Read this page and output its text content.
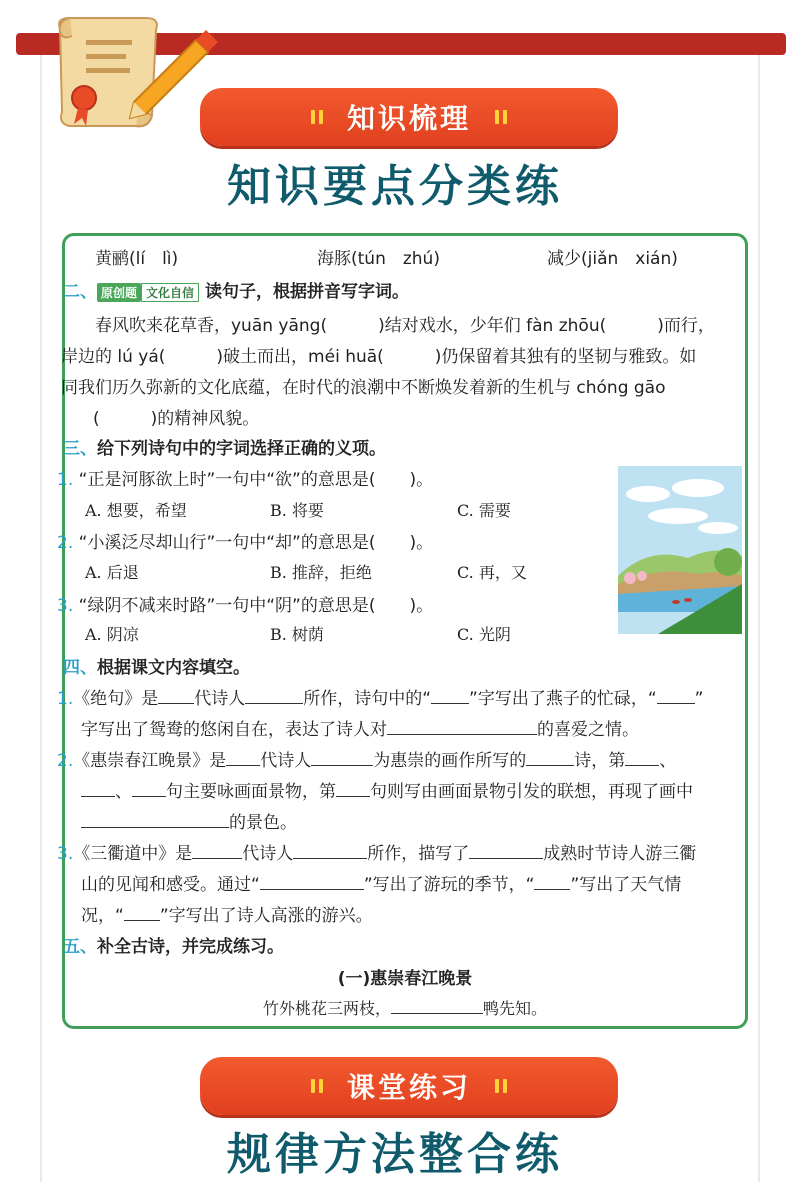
知识梳理
知识要点分类练
黄鹂(lí　lì)	海豚(tún　zhú)	减少(jiǎn　xián)
二、 原创题 文化自信 读句子，根据拼音写字词。
春风吹来花草香，yuān yāng(　　　)结对戏水，少年们 fàn zhōu(　　　)而行，
岸边的 lú yá(　　　)破土而出，méi huā(　　　)仍保留着其独有的坚韧与雅致。如
同我们历久弥新的文化底蕴，在时代的浪潮中不断焕发着新的生机与 chóng gāo
(　　　)的精神风貌。
三、给下列诗句中的字词选择正确的义项。
1. “正是河豚欲上时”一句中“欲”的意思是(　　)。
A. 想要，希望	B. 将要	C. 需要
2. “小溪泛尽却山行”一句中“却”的意思是(　　)。
A. 后退	B. 推辞，拒绝	C. 再，又
3. “绿阴不减来时路”一句中“阴”的意思是(　　)。
A. 阴凉	B. 树荫	C. 光阴
四、根据课文内容填空。
1.《绝句》是 代诗人	所作，诗句中的“ ”字写出了燕子的忙碌，“ ”
字写出了鸳鸯的悠闲自在，表达了诗人对	的喜爱之情。
2.《惠崇春江晚景》是 代诗人	为惠崇的画作所写的	诗，第 、
、 句主要咏画面景物，第 句则写由画面景物引发的联想，再现了画中
的景色。
3.《三衢道中》是	代诗人	所作，描写了	成熟时节诗人游三衢
山的见闻和感受。通过“	”写出了游玩的季节，“ ”写出了天气情
况，“ ”字写出了诗人高涨的游兴。
五、补全古诗，并完成练习。
(一)惠崇春江晚景
竹外桃花三两枝，	鸭先知。
课堂练习
规律方法整合练
